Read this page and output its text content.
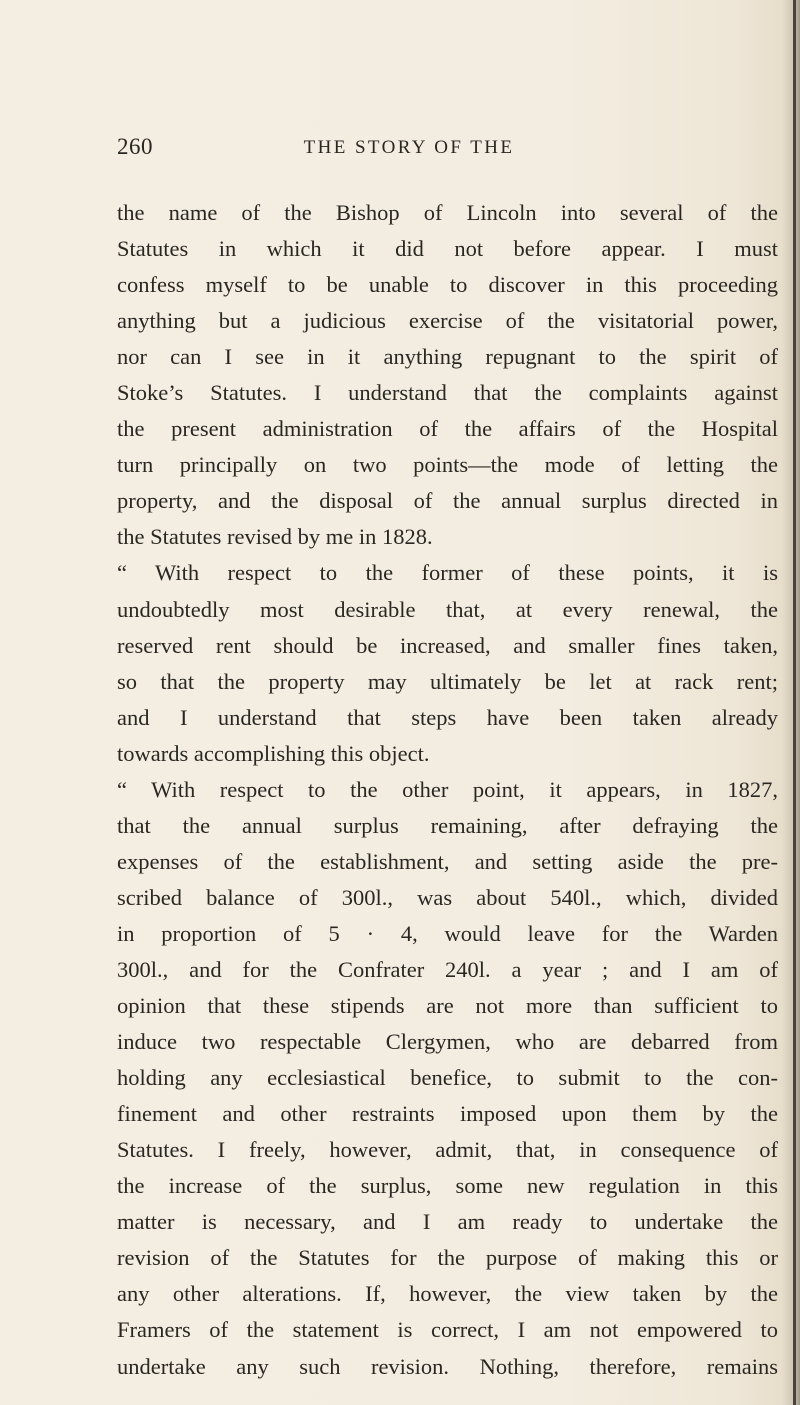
260	THE STORY OF THE
the name of the Bishop of Lincoln into several of the
Statutes in which it did not before appear. I must
confess myself to be unable to discover in this proceeding
anything but a judicious exercise of the visitatorial power,
nor can I see in it anything repugnant to the spirit of
Stoke’s Statutes. I understand that the complaints against
the present administration of the affairs of the Hospital
turn principally on two points—the mode of letting the
property, and the disposal of the annual surplus directed in
the Statutes revised by me in 1828.
“ With respect to the former of these points, it is
undoubtedly most desirable that, at every renewal, the
reserved rent should be increased, and smaller fines taken,
so that the property may ultimately be let at rack rent;
and I understand that steps have been taken already
towards accomplishing this object.
“ With respect to the other point, it appears, in 1827,
that the annual surplus remaining, after defraying the
expenses of the establishment, and setting aside the pre-
scribed balance of 300l., was about 540l., which, divided
in proportion of 5 · 4, would leave for the Warden
300l., and for the Confrater 240l. a year ; and I am of
opinion that these stipends are not more than sufficient to
induce two respectable Clergymen, who are debarred from
holding any ecclesiastical benefice, to submit to the con-
finement and other restraints imposed upon them by the
Statutes. I freely, however, admit, that, in consequence of
the increase of the surplus, some new regulation in this
matter is necessary, and I am ready to undertake the
revision of the Statutes for the purpose of making this or
any other alterations. If, however, the view taken by the
Framers of the statement is correct, I am not empowered to
undertake any such revision. Nothing, therefore, remains
